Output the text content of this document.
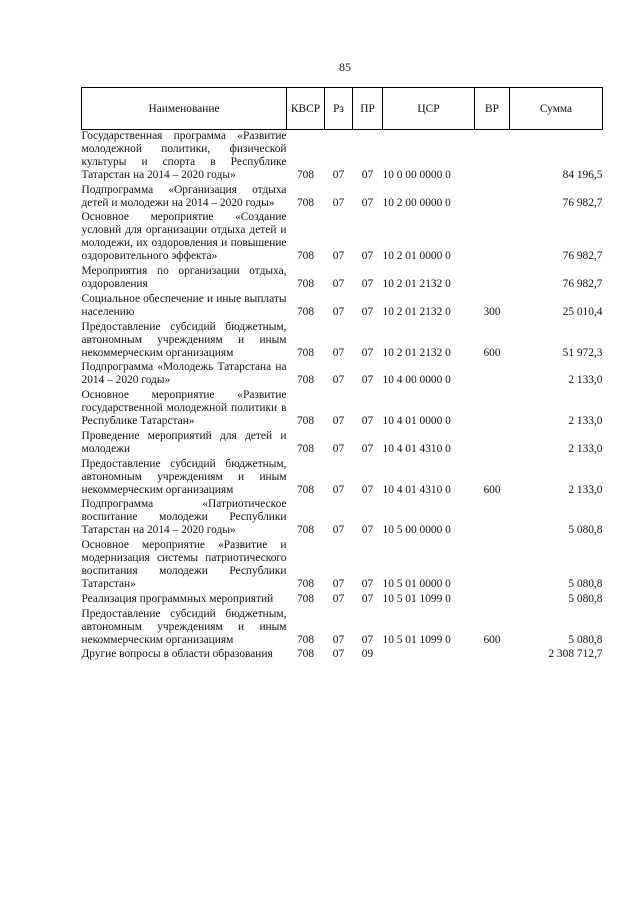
85
Наименование	КВСР	Рз	ПР	ЦСР	ВР	Сумма
Государственная программа «Развитие молодежной политики, физической культуры и спорта в Республике Татарстан на 2014 – 2020 годы»	708	07	07	10 0 00 0000 0		84 196,5
Подпрограмма «Организация отдыха детей и молодежи на 2014 – 2020 годы»	708	07	07	10 2 00 0000 0		76 982,7
Основное мероприятие «Создание условий для организации отдыха детей и молодежи, их оздоровления и повышение оздоровительного эффекта»	708	07	07	10 2 01 0000 0		76 982,7
Мероприятия по организации отдыха, оздоровления	708	07	07	10 2 01 2132 0		76 982,7
Социальное обеспечение и иные выплаты населению	708	07	07	10 2 01 2132 0	300	25 010,4
Предоставление субсидий бюджетным, автономным учреждениям и иным некоммерческим организациям	708	07	07	10 2 01 2132 0	600	51 972,3
Подпрограмма «Молодежь Татарстана на 2014 – 2020 годы»	708	07	07	10 4 00 0000 0		2 133,0
Основное мероприятие «Развитие государственной молодежной политики в Республике Татарстан»	708	07	07	10 4 01 0000 0		2 133,0
Проведение мероприятий для детей и молодежи	708	07	07	10 4 01 4310 0		2 133,0
Предоставление субсидий бюджетным, автономным учреждениям и иным некоммерческим организациям	708	07	07	10 4 01 4310 0	600	2 133,0
Подпрограмма «Патриотическое воспитание молодежи Республики Татарстан на 2014 – 2020 годы»	708	07	07	10 5 00 0000 0		5 080,8
Основное мероприятие «Развитие и модернизация системы патриотического воспитания молодежи Республики Татарстан»	708	07	07	10 5 01 0000 0		5 080,8
Реализация программных мероприятий	708	07	07	10 5 01 1099 0		5 080,8
Предоставление субсидий бюджетным, автономным учреждениям и иным некоммерческим организациям	708	07	07	10 5 01 1099 0	600	5 080,8
Другие вопросы в области образования	708	07	09			2 308 712,7
